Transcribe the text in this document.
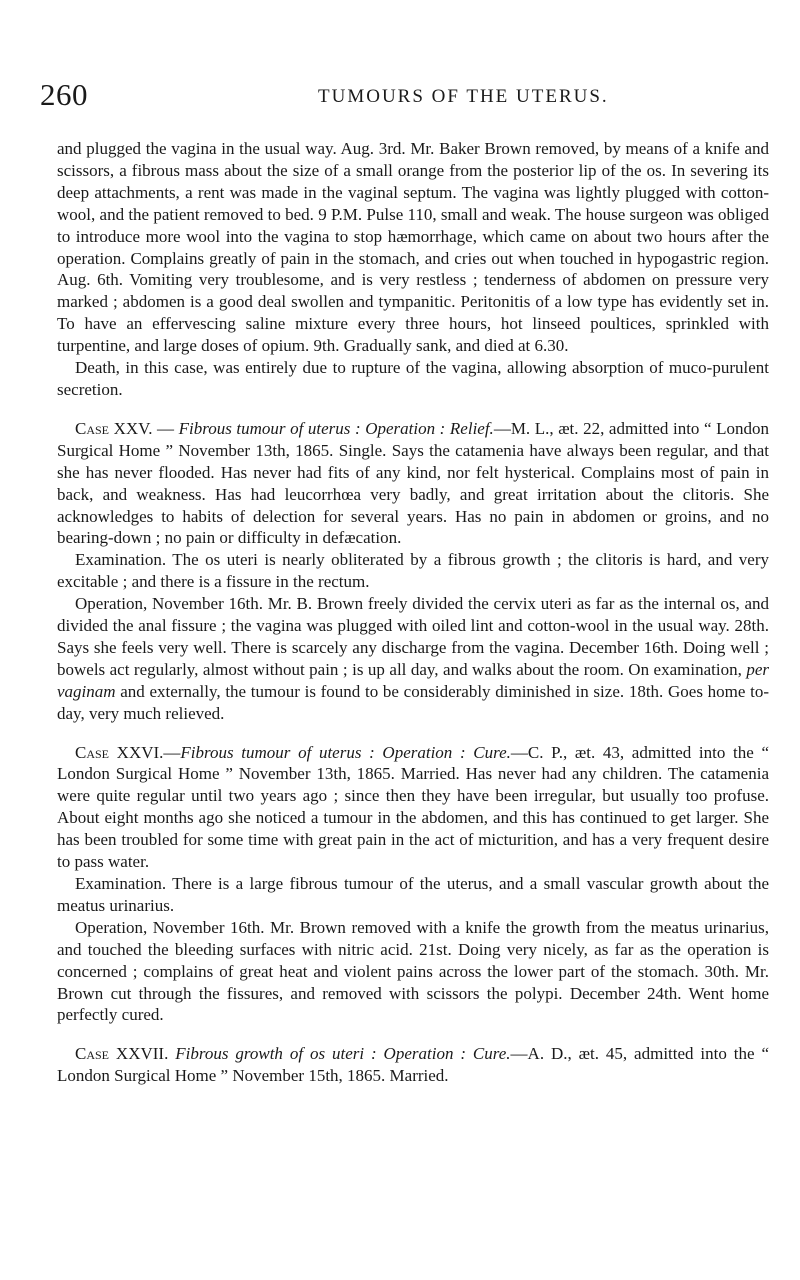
260	TUMOURS OF THE UTERUS.

and plugged the vagina in the usual way. Aug. 3rd. Mr. Baker Brown removed, by means of a knife and scissors, a fibrous mass about the size of a small orange from the posterior lip of the os. In severing its deep attachments, a rent was made in the vaginal septum. The vagina was lightly plugged with cotton-wool, and the patient removed to bed. 9 P.M. Pulse 110, small and weak. The house surgeon was obliged to introduce more wool into the vagina to stop hæmorrhage, which came on about two hours after the operation. Complains greatly of pain in the stomach, and cries out when touched in hypogastric region. Aug. 6th. Vomiting very troublesome, and is very restless ; tenderness of abdomen on pressure very marked ; abdomen is a good deal swollen and tympanitic. Peritonitis of a low type has evidently set in. To have an effervescing saline mixture every three hours, hot linseed poultices, sprinkled with turpentine, and large doses of opium. 9th. Gradually sank, and died at 6.30.

Death, in this case, was entirely due to rupture of the vagina, allowing absorption of muco-purulent secretion.

Case XXV. — Fibrous tumour of uterus : Operation : Relief.—M. L., æt. 22, admitted into “ London Surgical Home ” November 13th, 1865. Single. Says the catamenia have always been regular, and that she has never flooded. Has never had fits of any kind, nor felt hysterical. Complains most of pain in back, and weakness. Has had leucorrhœa very badly, and great irritation about the clitoris. She acknowledges to habits of delection for several years. Has no pain in abdomen or groins, and no bearing-down ; no pain or difficulty in defæcation.

Examination. The os uteri is nearly obliterated by a fibrous growth ; the clitoris is hard, and very excitable ; and there is a fissure in the rectum.

Operation, November 16th. Mr. B. Brown freely divided the cervix uteri as far as the internal os, and divided the anal fissure ; the vagina was plugged with oiled lint and cotton-wool in the usual way. 28th. Says she feels very well. There is scarcely any discharge from the vagina. December 16th. Doing well ; bowels act regularly, almost without pain ; is up all day, and walks about the room. On examination, per vaginam and externally, the tumour is found to be considerably diminished in size. 18th. Goes home to-day, very much relieved.

Case XXVI.—Fibrous tumour of uterus : Operation : Cure.—C. P., æt. 43, admitted into the “ London Surgical Home ” November 13th, 1865. Married. Has never had any children. The catamenia were quite regular until two years ago ; since then they have been irregular, but usually too profuse. About eight months ago she noticed a tumour in the abdomen, and this has continued to get larger. She has been troubled for some time with great pain in the act of micturition, and has a very frequent desire to pass water.

Examination. There is a large fibrous tumour of the uterus, and a small vascular growth about the meatus urinarius.

Operation, November 16th. Mr. Brown removed with a knife the growth from the meatus urinarius, and touched the bleeding surfaces with nitric acid. 21st. Doing very nicely, as far as the operation is concerned ; complains of great heat and violent pains across the lower part of the stomach. 30th. Mr. Brown cut through the fissures, and removed with scissors the polypi. December 24th. Went home perfectly cured.

Case XXVII. Fibrous growth of os uteri : Operation : Cure.—A. D., æt. 45, admitted into the “ London Surgical Home ” November 15th, 1865. Married.
